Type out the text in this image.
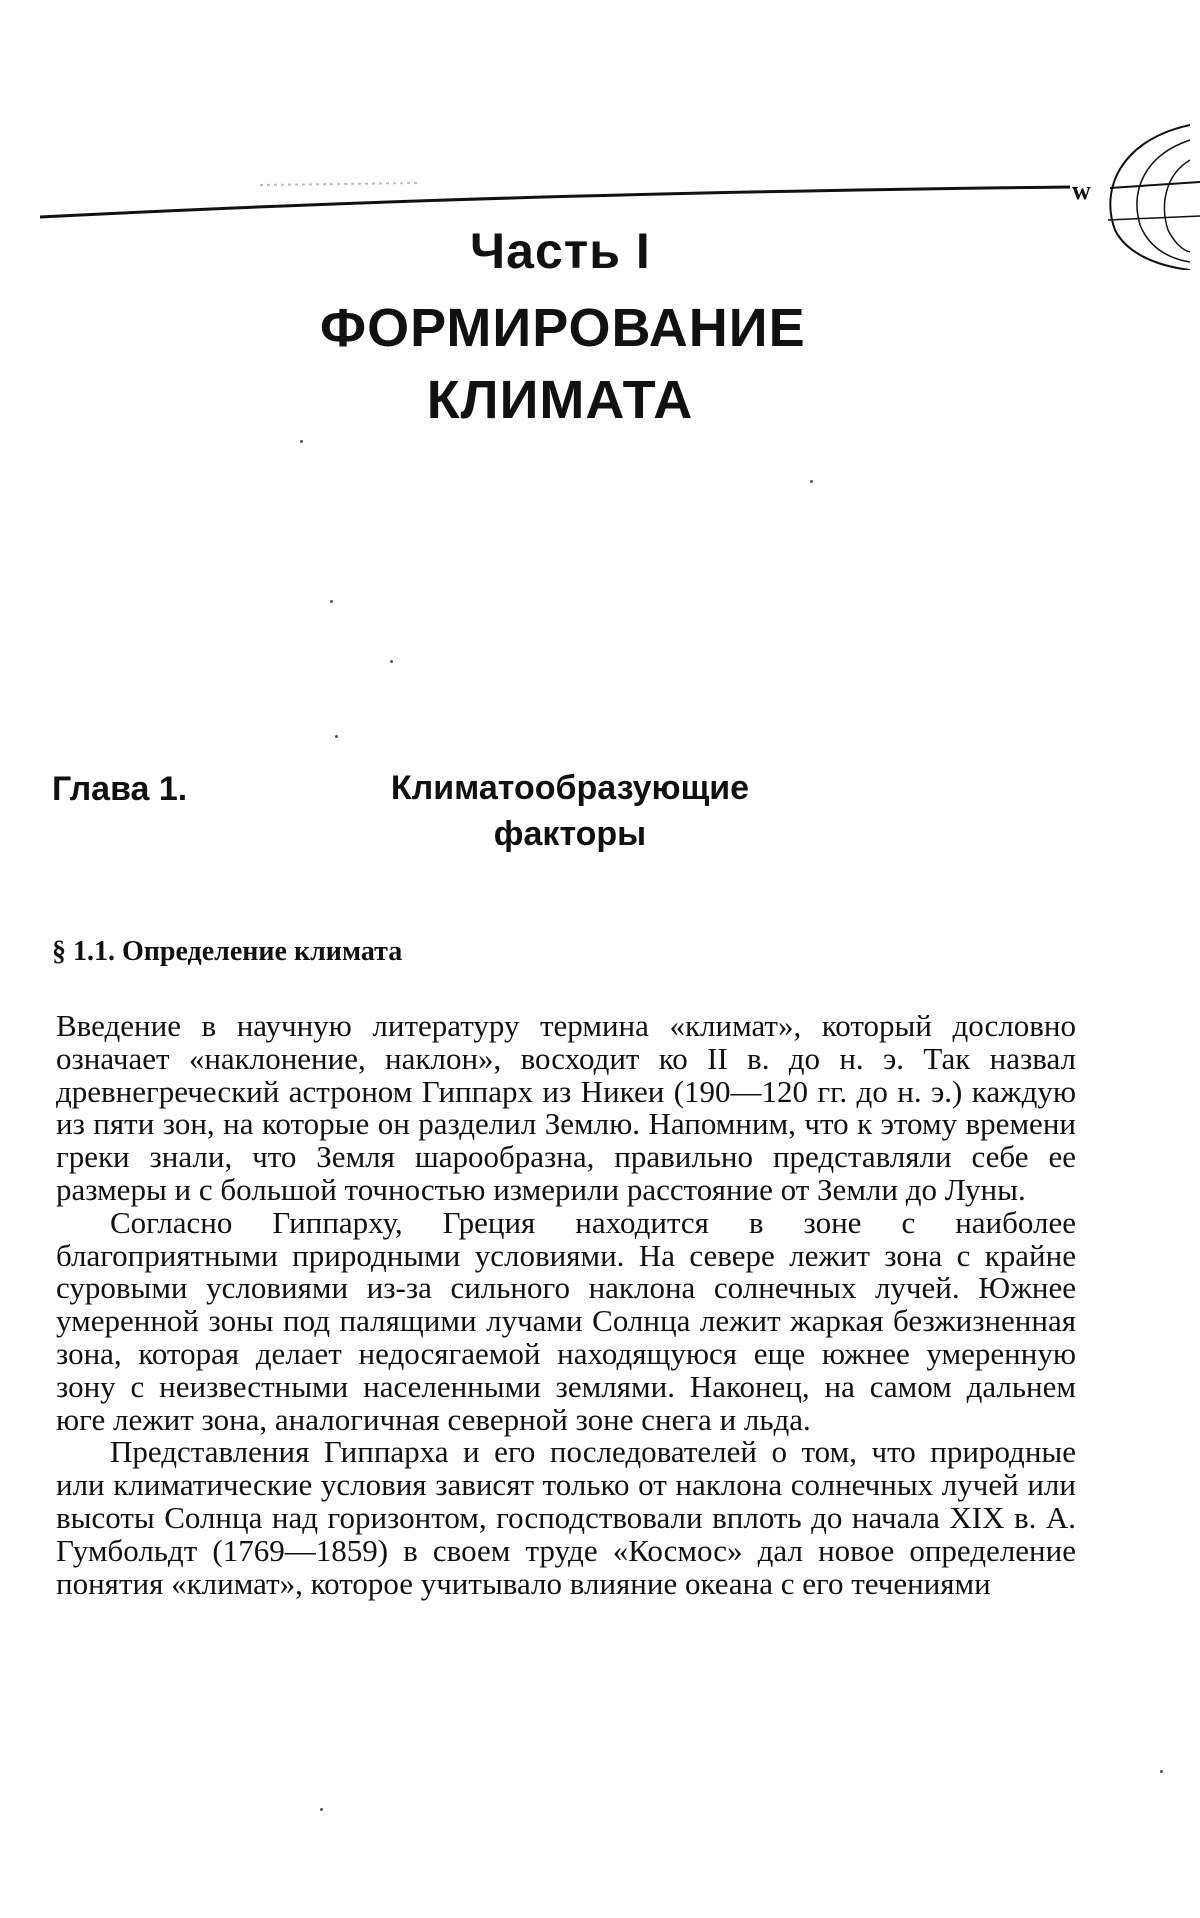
w
Часть I
ФОРМИРОВАНИЕ
КЛИМАТА
Глава 1.	Климатообразующие
факторы
§ 1.1. Определение климата

Введение в научную литературу термина «климат», который дословно означает «наклонение, наклон», восходит ко II в. до н. э. Так назвал древнегреческий астроном Гиппарх из Никеи (190—120 гг. до н. э.) каждую из пяти зон, на которые он разделил Землю. Напомним, что к этому времени греки знали, что Земля шарообразна, правильно представляли себе ее размеры и с большой точностью измерили расстояние от Земли до Луны.

Согласно Гиппарху, Греция находится в зоне с наиболее благоприятными природными условиями. На севере лежит зона с крайне суровыми условиями из-за сильного наклона солнечных лучей. Южнее умеренной зоны под палящими лучами Солнца лежит жаркая безжизненная зона, которая делает недосягаемой находящуюся еще южнее умеренную зону с неизвестными населенными землями. Наконец, на самом дальнем юге лежит зона, аналогичная северной зоне снега и льда.

Представления Гиппарха и его последователей о том, что природные или климатические условия зависят только от наклона солнечных лучей или высоты Солнца над горизонтом, господствовали вплоть до начала XIX в. А. Гумбольдт (1769—1859) в своем труде «Космос» дал новое определение понятия «климат», которое учитывало влияние океана с его течениями
